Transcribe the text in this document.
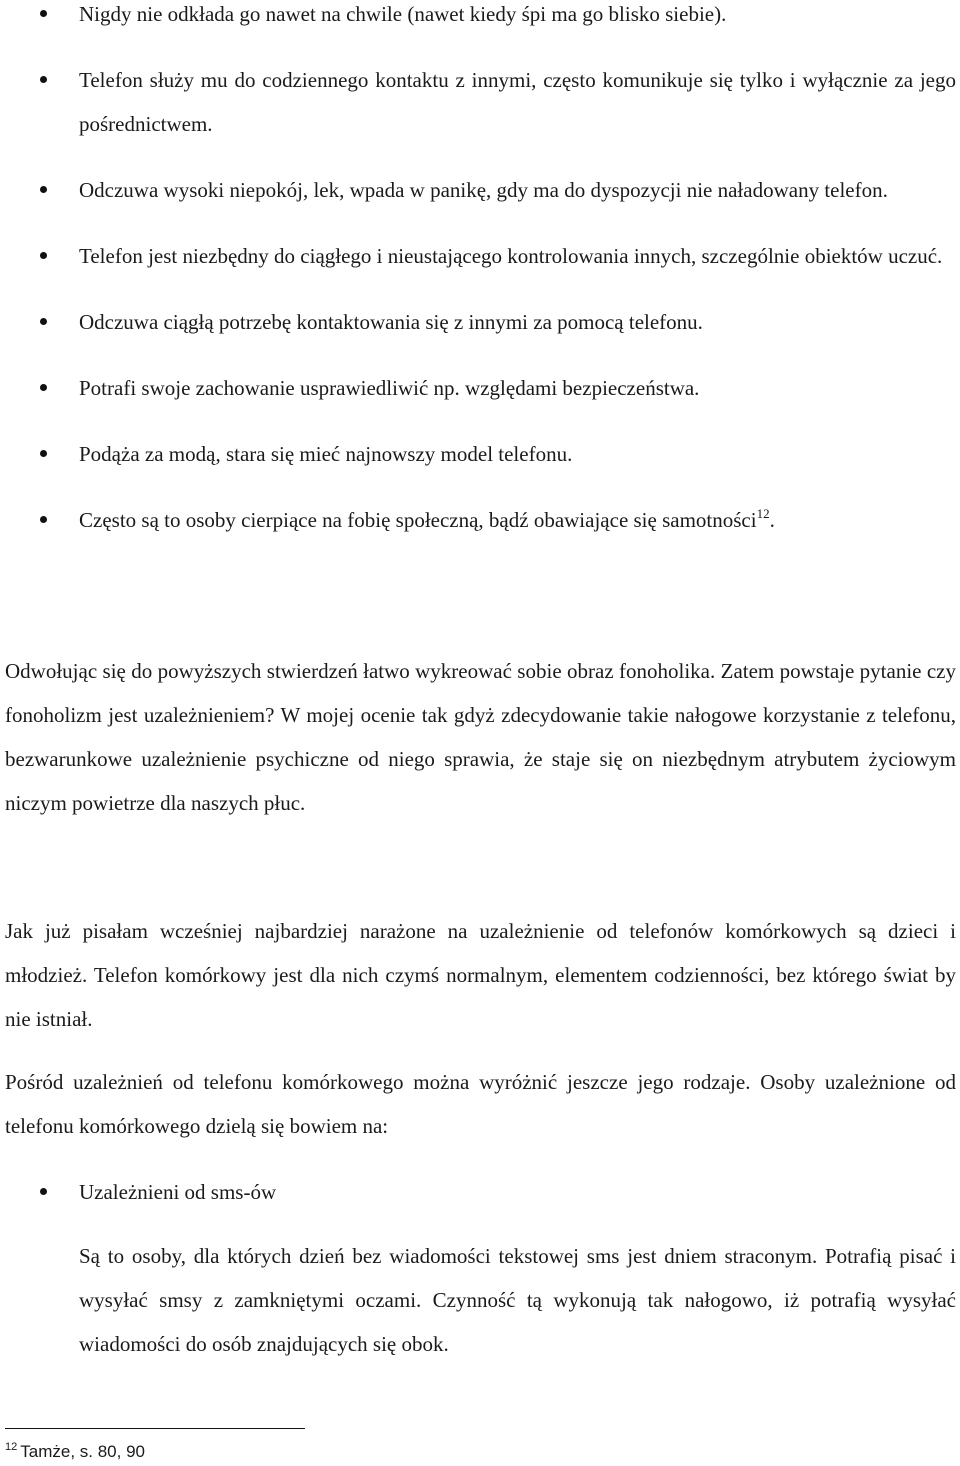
Nigdy nie odkłada go nawet na chwile (nawet kiedy śpi ma go blisko siebie).
Telefon służy mu do codziennego kontaktu z innymi, często komunikuje się tylko i wyłącznie za jego pośrednictwem.
Odczuwa wysoki niepokój, lek, wpada w panikę, gdy ma do dyspozycji nie naładowany telefon.
Telefon jest niezbędny do ciągłego i nieustającego kontrolowania innych, szczególnie obiektów uczuć.
Odczuwa ciągłą potrzebę kontaktowania się z innymi za pomocą telefonu.
Potrafi swoje zachowanie usprawiedliwić np. względami bezpieczeństwa.
Podąża za modą, stara się mieć najnowszy model telefonu.
Często są to osoby cierpiące na fobię społeczną, bądź obawiające się samotności$^{12}$.

Odwołując się do powyższych stwierdzeń łatwo wykreować sobie obraz fonoholika. Zatem powstaje pytanie czy fonoholizm jest uzależnieniem? W mojej ocenie tak gdyż zdecydowanie takie nałogowe korzystanie z telefonu, bezwarunkowe uzależnienie psychiczne od niego sprawia, że staje się on niezbędnym atrybutem życiowym niczym powietrze dla naszych płuc.

Jak już pisałam wcześniej najbardziej narażone na uzależnienie od telefonów komórkowych są dzieci i młodzież. Telefon komórkowy jest dla nich czymś normalnym, elementem codzienności, bez którego świat by nie istniał.

Pośród uzależnień od telefonu komórkowego można wyróżnić jeszcze jego rodzaje. Osoby uzależnione od telefonu komórkowego dzielą się bowiem na:

Uzależnieni od sms-ów

Są to osoby, dla których dzień bez wiadomości tekstowej sms jest dniem straconym. Potrafią pisać i wysyłać smsy z zamkniętymi oczami. Czynność tą wykonują tak nałogowo, iż potrafią wysyłać wiadomości do osób znajdujących się obok.

$^{12}$ Tamże, s. 80, 90
